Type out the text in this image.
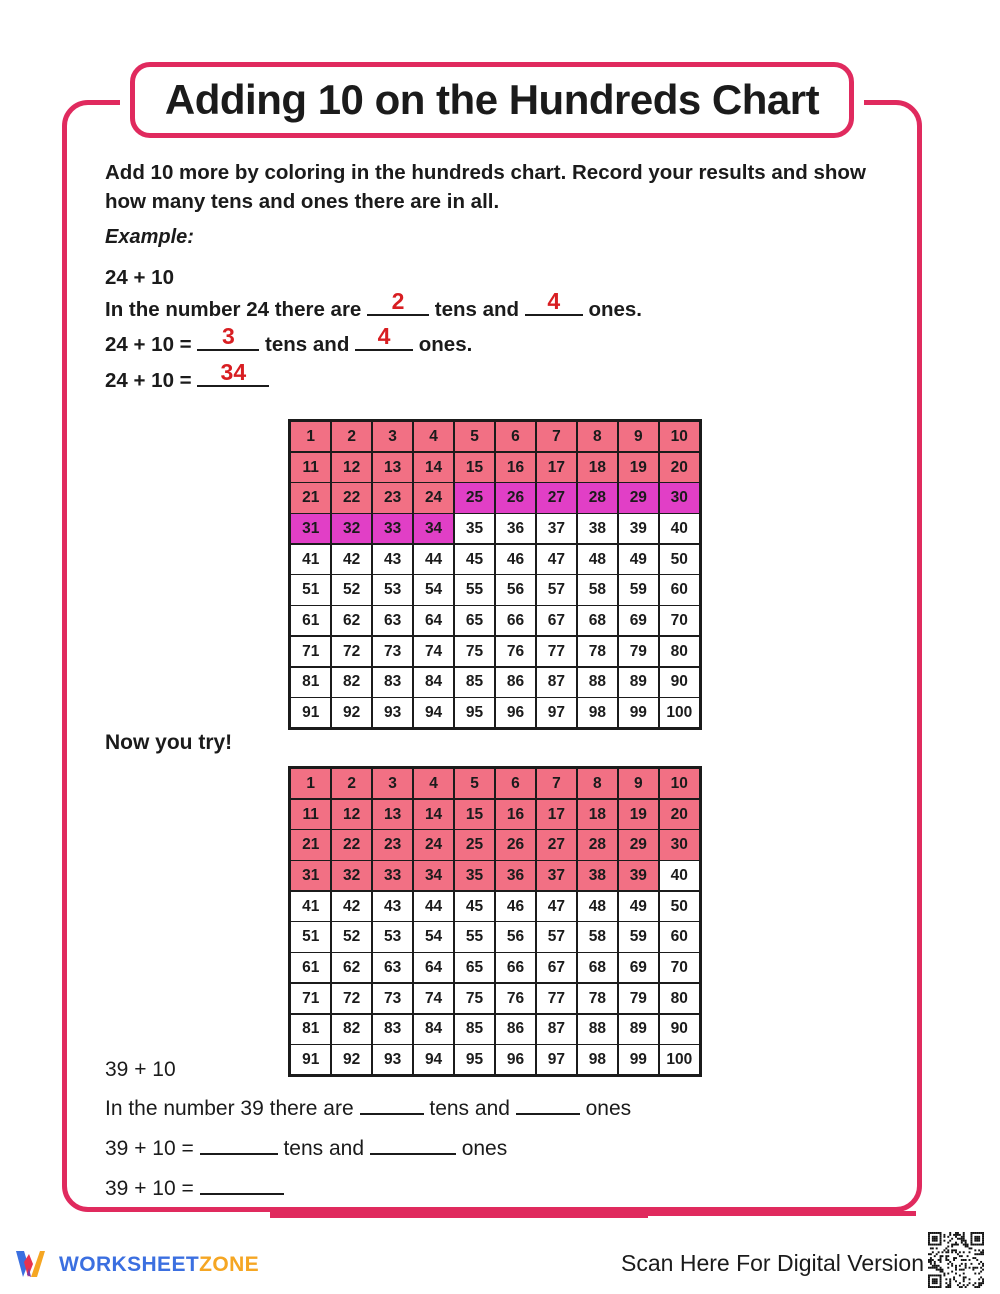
Adding 10 on the Hundreds Chart
Add 10 more by coloring in the hundreds chart. Record your results and show how many tens and ones there are in all.
Example:
24 + 10
In the number 24 there are	2	tens and	4	ones.
24 + 10 =	3	tens and	4	ones.
24 + 10 =	34
1	2	3	4	5	6	7	8	9	10
11	12	13	14	15	16	17	18	19	20
21	22	23	24	25	26	27	28	29	30
31	32	33	34	35	36	37	38	39	40
41	42	43	44	45	46	47	48	49	50
51	52	53	54	55	56	57	58	59	60
61	62	63	64	65	66	67	68	69	70
71	72	73	74	75	76	77	78	79	80
81	82	83	84	85	86	87	88	89	90
91	92	93	94	95	96	97	98	99	100
Now you try!
1	2	3	4	5	6	7	8	9	10
11	12	13	14	15	16	17	18	19	20
21	22	23	24	25	26	27	28	29	30
31	32	33	34	35	36	37	38	39	40
41	42	43	44	45	46	47	48	49	50
51	52	53	54	55	56	57	58	59	60
61	62	63	64	65	66	67	68	69	70
71	72	73	74	75	76	77	78	79	80
81	82	83	84	85	86	87	88	89	90
91	92	93	94	95	96	97	98	99	100
39 + 10
In the number 39 there are	tens and	ones
39 + 10 =	tens and	ones
39 + 10 =
WORKSHEETZONE	Scan Here For Digital Version
